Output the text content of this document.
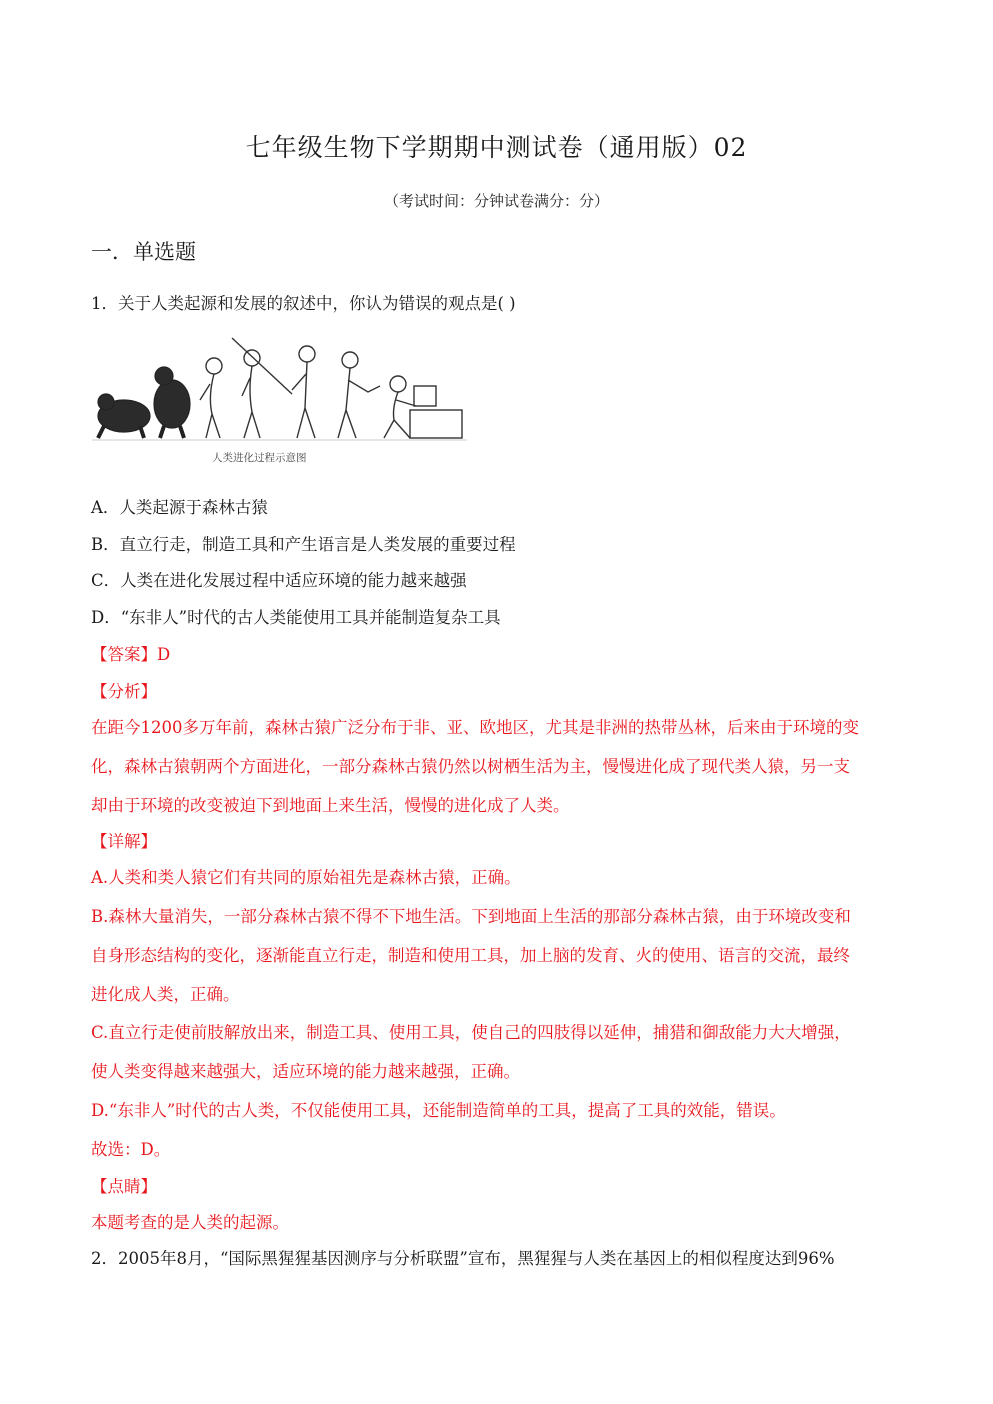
七年级生物下学期期中测试卷（通用版）02
（考试时间：分钟试卷满分：分）
一．单选题
1．关于人类起源和发展的叙述中，你认为错误的观点是( )
人类进化过程示意图
A．人类起源于森林古猿
B．直立行走，制造工具和产生语言是人类发展的重要过程
C．人类在进化发展过程中适应环境的能力越来越强
D．“东非人”时代的古人类能使用工具并能制造复杂工具
【答案】D
【分析】
在距今1200多万年前，森林古猿广泛分布于非、亚、欧地区，尤其是非洲的热带丛林，后来由于环境的变
化，森林古猿朝两个方面进化，一部分森林古猿仍然以树栖生活为主，慢慢进化成了现代类人猿，另一支
却由于环境的改变被迫下到地面上来生活，慢慢的进化成了人类。
【详解】
A.人类和类人猿它们有共同的原始祖先是森林古猿，正确。
B.森林大量消失，一部分森林古猿不得不下地生活。下到地面上生活的那部分森林古猿，由于环境改变和
自身形态结构的变化，逐渐能直立行走，制造和使用工具，加上脑的发育、火的使用、语言的交流，最终
进化成人类，正确。
C.直立行走使前肢解放出来，制造工具、使用工具，使自己的四肢得以延伸，捕猎和御敌能力大大增强，
使人类变得越来越强大，适应环境的能力越来越强，正确。
D.“东非人”时代的古人类，不仅能使用工具，还能制造简单的工具，提高了工具的效能，错误。
故选：D。
【点睛】
本题考查的是人类的起源。
2．2005年8月，“国际黑猩猩基因测序与分析联盟”宣布，黑猩猩与人类在基因上的相似程度达到96%
